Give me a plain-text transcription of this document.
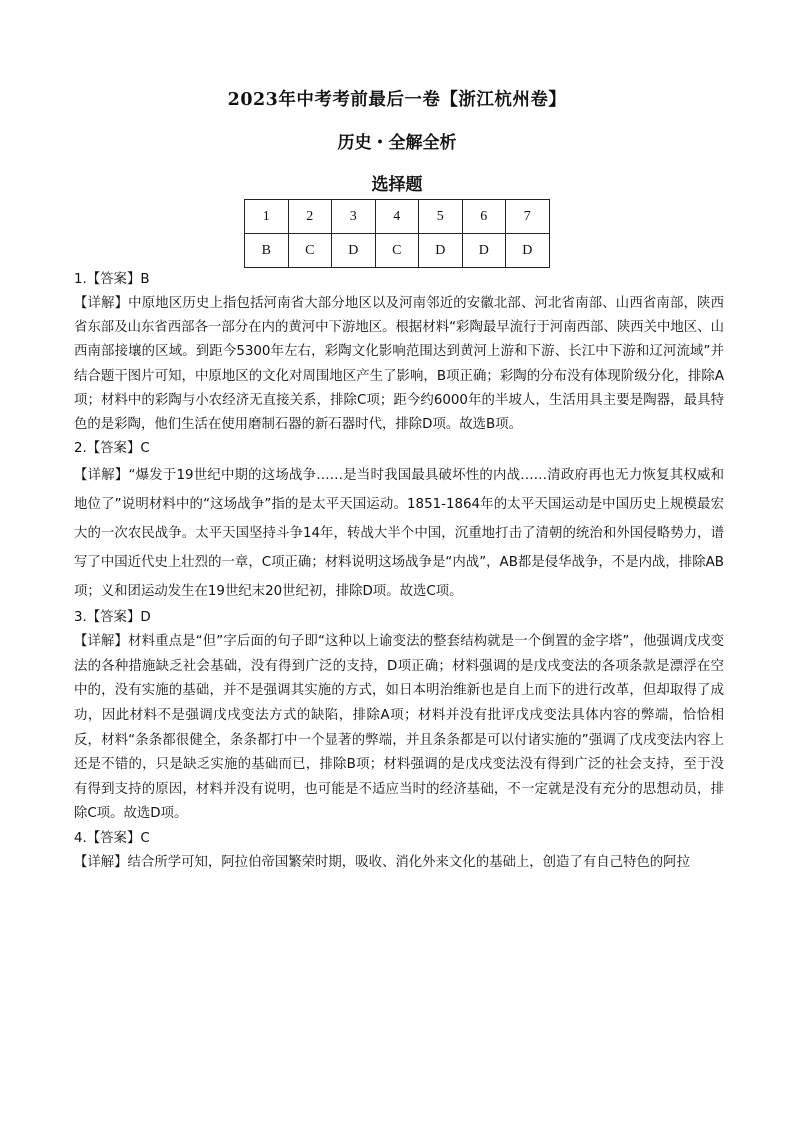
2023年中考考前最后一卷【浙江杭州卷】
历史・全解全析
选择题
1	2	3	4	5	6	7
B	C	D	C	D	D	D
1.【答案】B

【详解】中原地区历史上指包括河南省大部分地区以及河南邻近的安徽北部、河北省南部、山西省南部，陕西省东部及山东省西部各一部分在内的黄河中下游地区。根据材料“彩陶最早流行于河南西部、陕西关中地区、山西南部接壤的区域。到距今5300年左右，彩陶文化影响范围达到黄河上游和下游、长江中下游和辽河流域”并结合题干图片可知，中原地区的文化对周围地区产生了影响，B项正确；彩陶的分布没有体现阶级分化，排除A项；材料中的彩陶与小农经济无直接关系，排除C项；距今约6000年的半坡人，生活用具主要是陶器，最具特色的是彩陶，他们生活在使用磨制石器的新石器时代，排除D项。故选B项。

2.【答案】C

【详解】“爆发于19世纪中期的这场战争……是当时我国最具破坏性的内战……清政府再也无力恢复其权威和地位了”说明材料中的“这场战争”指的是太平天国运动。1851-1864年的太平天国运动是中国历史上规模最宏大的一次农民战争。太平天国坚持斗争14年，转战大半个中国，沉重地打击了清朝的统治和外国侵略势力，谱写了中国近代史上壮烈的一章，C项正确；材料说明这场战争是“内战”，AB都是侵华战争，不是内战，排除AB项；义和团运动发生在19世纪末20世纪初，排除D项。故选C项。

3.【答案】D

【详解】材料重点是“但”字后面的句子即“这种以上谕变法的整套结构就是一个倒置的金字塔”，他强调戊戌变法的各种措施缺乏社会基础，没有得到广泛的支持，D项正确；材料强调的是戊戌变法的各项条款是漂浮在空中的，没有实施的基础，并不是强调其实施的方式，如日本明治维新也是自上而下的进行改革，但却取得了成功，因此材料不是强调戊戌变法方式的缺陷，排除A项；材料并没有批评戊戌变法具体内容的弊端，恰恰相反，材料“条条都很健全，条条都打中一个显著的弊端，并且条条都是可以付诸实施的”强调了戊戌变法内容上还是不错的，只是缺乏实施的基础而已，排除B项；材料强调的是戊戌变法没有得到广泛的社会支持，至于没有得到支持的原因，材料并没有说明，也可能是不适应当时的经济基础，不一定就是没有充分的思想动员，排除C项。故选D项。

4.【答案】C

【详解】结合所学可知，阿拉伯帝国繁荣时期，吸收、消化外来文化的基础上，创造了有自己特色的阿拉
